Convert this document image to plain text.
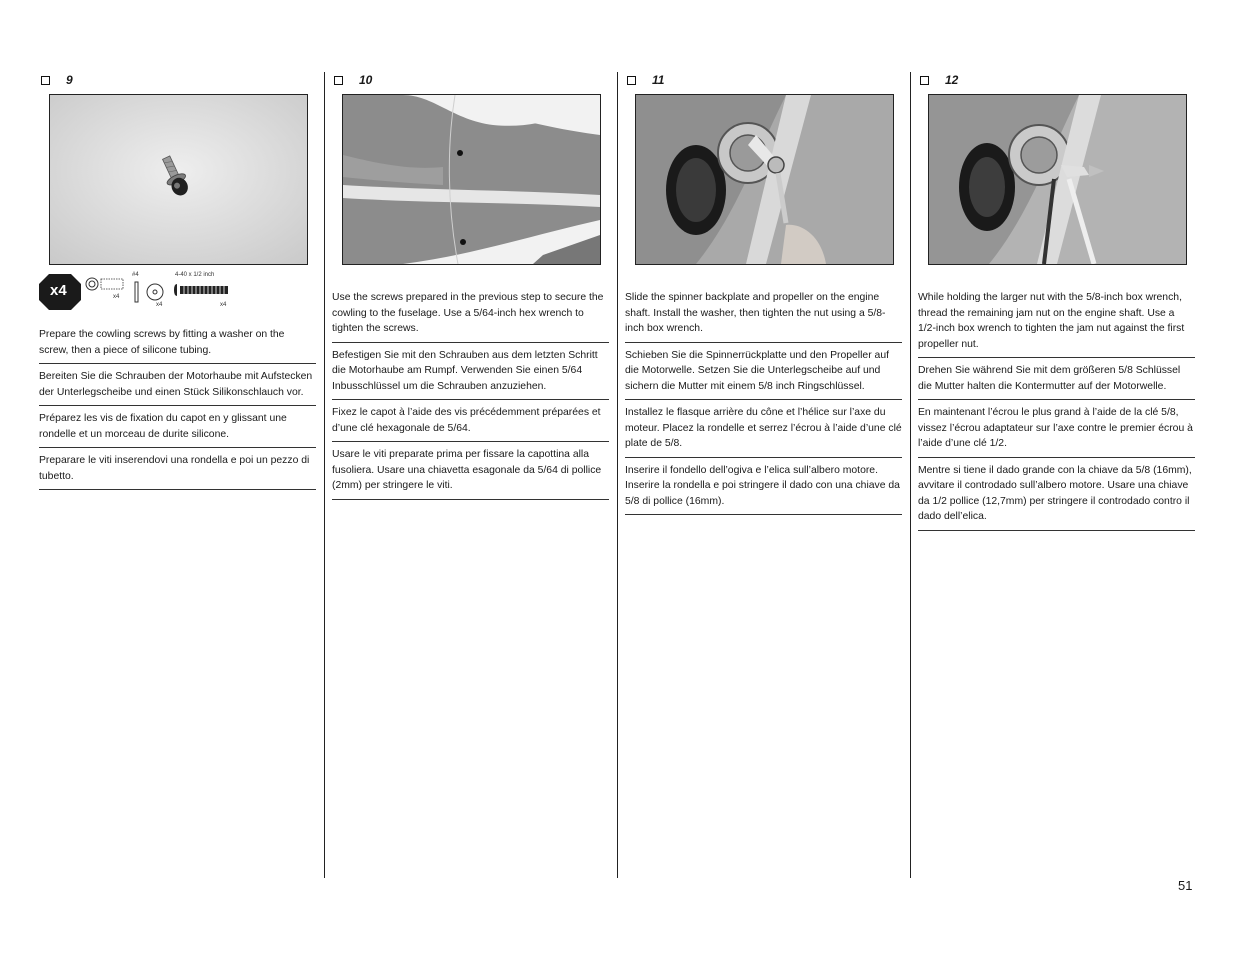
9
x4	x4
#4
x4
4-40 x 1/2 inch
x4

Prepare the cowling screws by fitting a washer on the screw, then a piece of silicone tubing.

Bereiten Sie die Schrauben der Motorhaube mit Aufstecken der Unterlegscheibe und einen Stück Silikonschlauch vor.

Préparez les vis de fixation du capot en y glissant une rondelle et un morceau de durite silicone.

Preparare le viti inserendovi una rondella e poi un pezzo di tubetto.

10

Use the screws prepared in the previous step to secure the cowling to the fuselage. Use a 5/64-inch hex wrench to tighten the screws.

Befestigen Sie mit den Schrauben aus dem letzten Schritt die Motorhaube am Rumpf. Verwenden Sie einen 5/64 Inbusschlüssel um die Schrauben anzuziehen.

Fixez le capot à l’aide des vis précédemment préparées et d’une clé hexagonale de 5/64.

Usare le viti preparate prima per fissare la capottina alla fusoliera. Usare una chiavetta esagonale da 5/64 di pollice (2mm) per stringere le viti.

11

Slide the spinner backplate and propeller on the engine shaft. Install the washer, then tighten the nut using a 5/8-inch box wrench.

Schieben Sie die Spinnerrückplatte und den Propeller auf die Motorwelle. Setzen Sie die Unterlegscheibe auf und sichern die Mutter mit einem 5/8 inch Ringschlüssel.

Installez le flasque arrière du cône et l’hélice sur l’axe du moteur. Placez la rondelle et serrez l’écrou à l’aide d’une clé plate de 5/8.

Inserire il fondello dell’ogiva e l’elica sull’albero motore. Inserire la rondella e poi stringere il dado con una chiave da 5/8 di pollice (16mm).

12

While holding the larger nut with the 5/8-inch box wrench, thread the remaining jam nut on the engine shaft. Use a 1/2-inch box wrench to tighten the jam nut against the first propeller nut.

Drehen Sie während Sie mit dem größeren 5/8 Schlüssel die Mutter halten die Kontermutter auf der Motorwelle.

En maintenant l’écrou le plus grand à l’aide de la clé 5/8, vissez l’écrou adaptateur sur l’axe contre le premier écrou à l’aide d’une clé 1/2.

Mentre si tiene il dado grande con la chiave da 5/8 (16mm), avvitare il controdado sull’albero motore. Usare una chiave da 1/2 pollice (12,7mm) per stringere il controdado contro il dado dell’elica.

51
